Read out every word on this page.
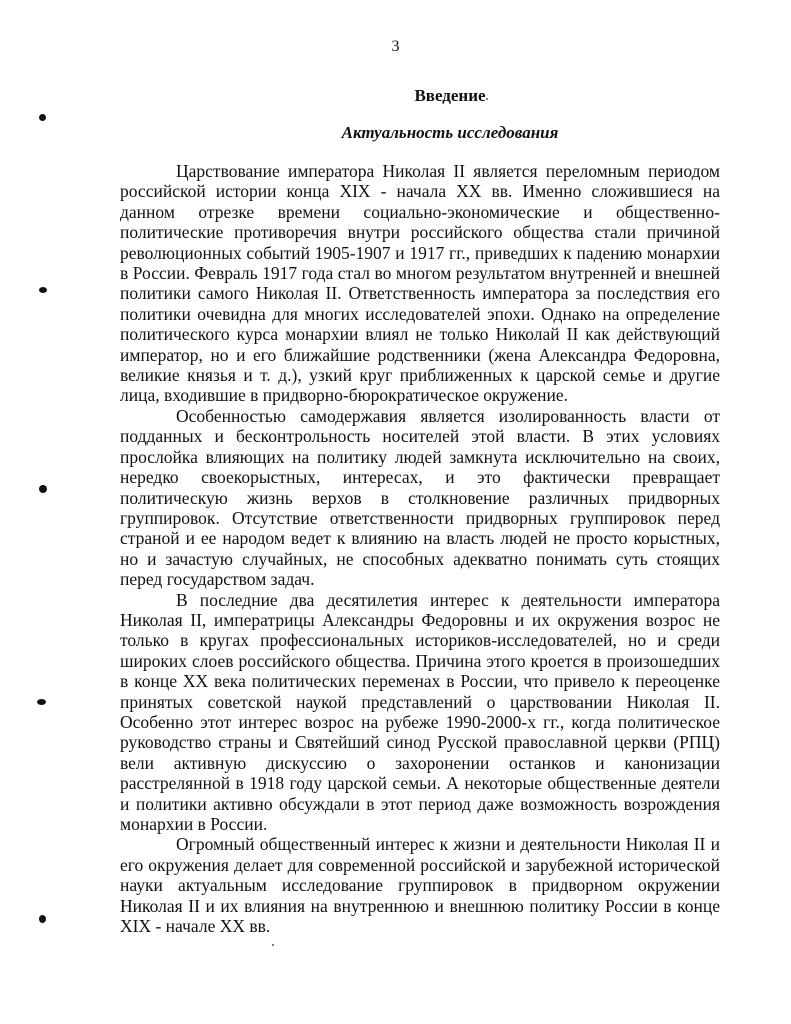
3
Введение
Актуальность исследования

Царствование императора Николая II является переломным периодом российской истории конца XIX - начала XX вв. Именно сложившиеся на данном отрезке времени социально-экономические и общественно-политические противоречия внутри российского общества стали причиной революционных событий 1905-1907 и 1917 гг., приведших к падению монархии в России. Февраль 1917 года стал во многом результатом внутренней и внешней политики самого Николая II. Ответственность императора за последствия его политики очевидна для многих исследователей эпохи. Однако на определение политического курса монархии влиял не только Николай II как действующий император, но и его ближайшие родственники (жена Александра Федоровна, великие князья и т. д.), узкий круг приближенных к царской семье и другие лица, входившие в придворно-бюрократическое окружение.

Особенностью самодержавия является изолированность власти от подданных и бесконтрольность носителей этой власти. В этих условиях прослойка влияющих на политику людей замкнута исключительно на своих, нередко своекорыстных, интересах, и это фактически превращает политическую жизнь верхов в столкновение различных придворных группировок. Отсутствие ответственности придворных группировок перед страной и ее народом ведет к влиянию на власть людей не просто корыстных, но и зачастую случайных, не способных адекватно понимать суть стоящих перед государством задач.

В последние два десятилетия интерес к деятельности императора Николая II, императрицы Александры Федоровны и их окружения возрос не только в кругах профессиональных историков-исследователей, но и среди широких слоев российского общества. Причина этого кроется в произошедших в конце XX века политических переменах в России, что привело к переоценке принятых советской наукой представлений о царствовании Николая II. Особенно этот интерес возрос на рубеже 1990-2000-х гг., когда политическое руководство страны и Святейший синод Русской православной церкви (РПЦ) вели активную дискуссию о захоронении останков и канонизации расстрелянной в 1918 году царской семьи. А некоторые общественные деятели и политики активно обсуждали в этот период даже возможность возрождения монархии в России.

Огромный общественный интерес к жизни и деятельности Николая II и его окружения делает для современной российской и зарубежной исторической науки актуальным исследование группировок в придворном окружении Николая II и их влияния на внутреннюю и внешнюю политику России в конце XIX - начале XX вв.
